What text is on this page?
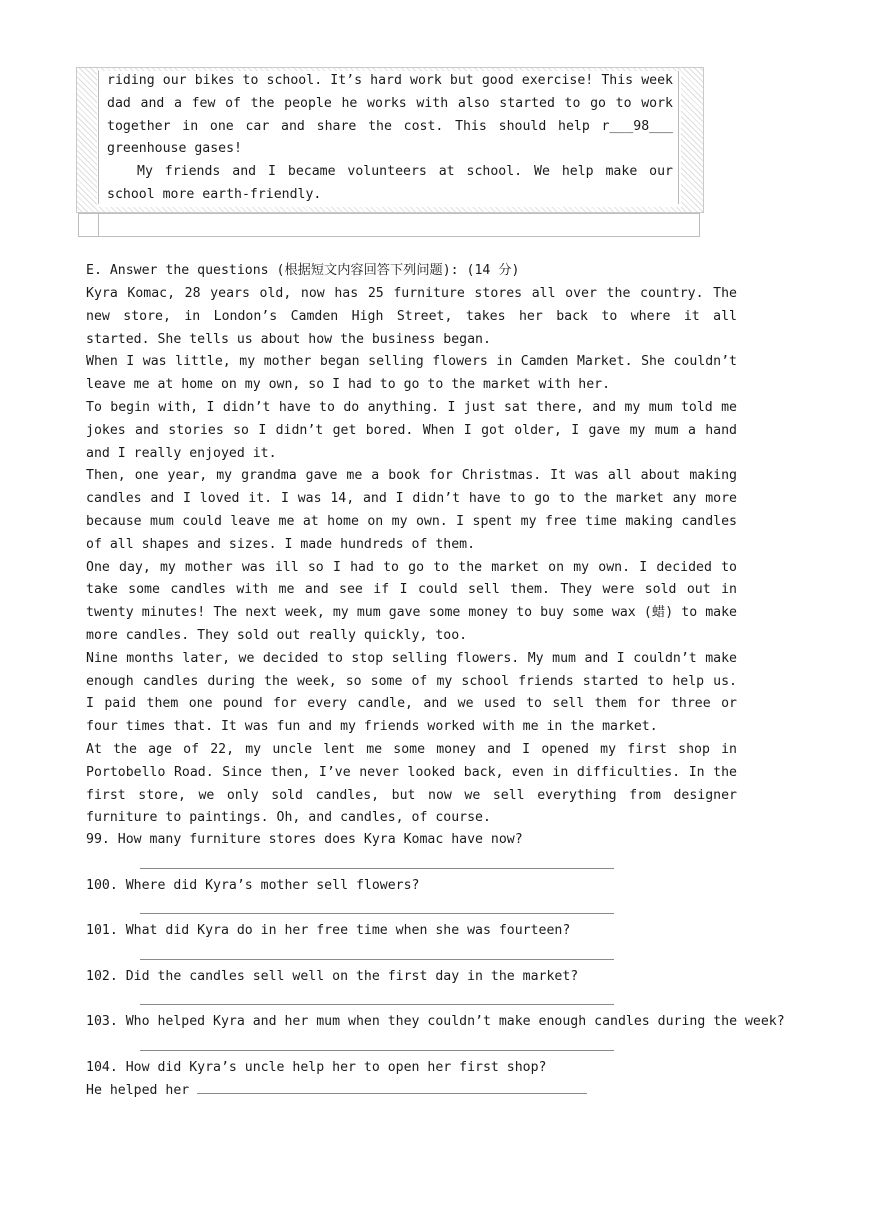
riding our bikes to school. It’s hard work but good exercise! This week dad and a few of the people he works with also started to go to work together in one car and share the cost. This should help r___98___ greenhouse gases!

My friends and I became volunteers at school. We help make our school more earth-friendly.

E. Answer the questions (根据短文内容回答下列问题): (14 分)

Kyra Komac, 28 years old, now has 25 furniture stores all over the country. The new store, in London’s Camden High Street, takes her back to where it all started. She tells us about how the business began.

When I was little, my mother began selling flowers in Camden Market. She couldn’t leave me at home on my own, so I had to go to the market with her.

To begin with, I didn’t have to do anything. I just sat there, and my mum told me jokes and stories so I didn’t get bored. When I got older, I gave my mum a hand and I really enjoyed it.

Then, one year, my grandma gave me a book for Christmas. It was all about making candles and I loved it. I was 14, and I didn’t have to go to the market any more because mum could leave me at home on my own. I spent my free time making candles of all shapes and sizes. I made hundreds of them.

One day, my mother was ill so I had to go to the market on my own. I decided to take some candles with me and see if I could sell them. They were sold out in twenty minutes! The next week, my mum gave some money to buy some wax (蜡) to make more candles. They sold out really quickly, too.

Nine months later, we decided to stop selling flowers. My mum and I couldn’t make enough candles during the week, so some of my school friends started to help us. I paid them one pound for every candle, and we used to sell them for three or four times that. It was fun and my friends worked with me in the market.

At the age of 22, my uncle lent me some money and I opened my first shop in Portobello Road. Since then, I’ve never looked back, even in difficulties. In the first store, we only sold candles, but now we sell everything from designer furniture to paintings. Oh, and candles, of course.

99. How many furniture stores does Kyra Komac have now?
100. Where did Kyra’s mother sell flowers?
101. What did Kyra do in her free time when she was fourteen?
102. Did the candles sell well on the first day in the market?
103. Who helped Kyra and her mum when they couldn’t make enough candles during the week?
104. How did Kyra’s uncle help her to open her first shop?
He helped her
